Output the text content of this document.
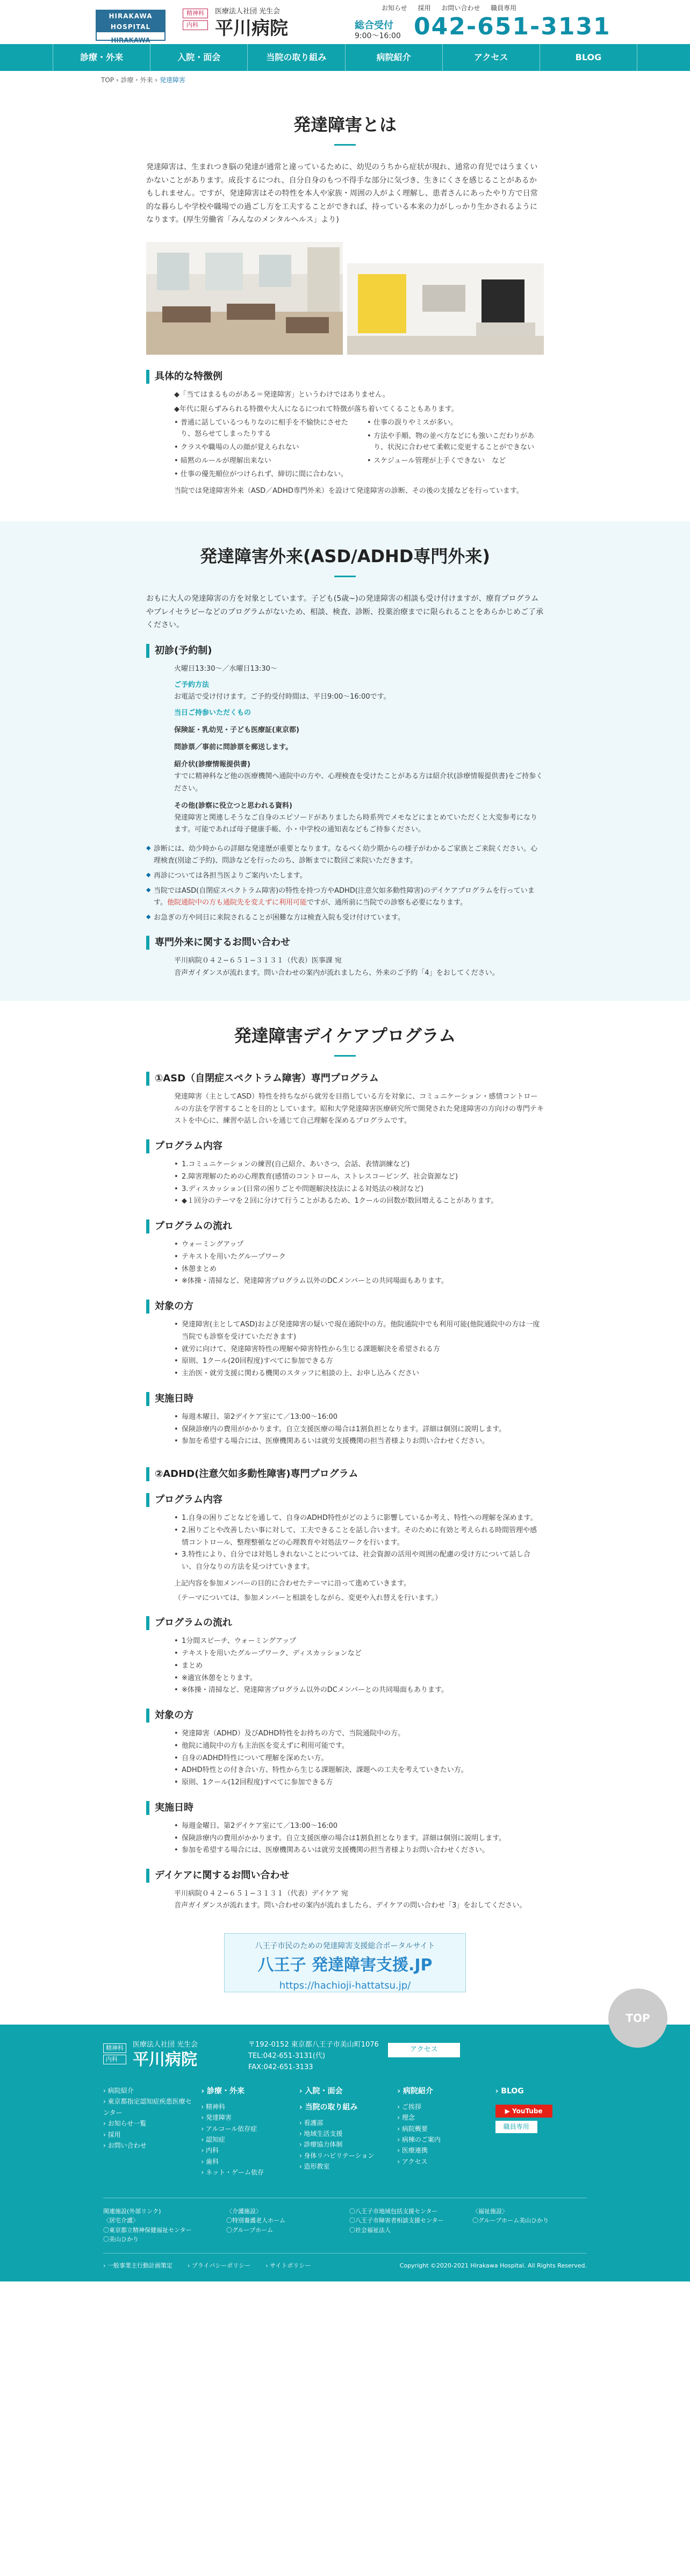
HIRAKAWA HOSPITAL
HIRAKAWA
精神科
内科
医療法人社団 光生会
平川病院
お知らせ 採用 お問い合わせ 職員専用
総合受付 042-651-3131
9:00〜16:00
診療・外来	入院・面会	当院の取り組み	病院紹介	アクセス	BLOG
TOP › 診療・外来 › 発達障害
発達障害とは

発達障害は、生まれつき脳の発達が通常と違っているために、幼児のうちから症状が現れ、通常の育児ではうまくいかないことがあります。成長するにつれ、自分自身のもつ不得手な部分に気づき、生きにくさを感じることがあるかもしれません。ですが、発達障害はその特性を本人や家族・周囲の人がよく理解し、患者さんにあったやり方で日常的な暮らしや学校や職場での過ごし方を工夫することができれば、持っている本来の力がしっかり生かされるようになります。(厚生労働省「みんなのメンタルヘルス」より)

具体的な特徴例

◆「当てはまるものがある＝発達障害」というわけではありません。

◆年代に限らずみられる特徴や大人になるにつれて特徴が落ち着いてくることもあります。

• 普通に話しているつもりなのに相手を不愉快にさせたり、怒らせてしまったりする
• クラスや職場の人の顔が覚えられない
• 暗黙のルールが理解出来ない
• 仕事の優先順位がつけられず、締切に間に合わない。
• 仕事の誤りやミスが多い。
• 方法や手順、物の並べ方などにも強いこだわりがあり、状況に合わせて柔軟に変更することができない
• スケジュール管理が上手くできない　など

当院では発達障害外来（ASD／ADHD専門外来）を設けて発達障害の診断、その後の支援などを行っています。

発達障害外来(ASD/ADHD専門外来)

おもに大人の発達障害の方を対象としています。子ども(5歳~)の発達障害の相談も受け付けますが、療育プログラムやプレイセラピーなどのプログラムがないため、相談、検査、診断、投薬治療までに限られることをあらかじめご了承ください。

初診(予約制)

火曜日13:30〜／水曜日13:30〜

ご予約方法

お電話で受け付けます。ご予約受付時間は、平日9:00〜16:00です。

当日ご持参いただくもの

保険証・乳幼児・子ども医療証(東京都)

問診票／事前に問診票を郵送します。

紹介状(診療情報提供書)

すでに精神科など他の医療機関へ通院中の方や、心理検査を受けたことがある方は紹介状(診療情報提供書)をご持参ください。

その他(診察に役立つと思われる資料)

発達障害と関連しそうなご自身のエピソードがありましたら時系列でメモなどにまとめていただくと大変参考になります。可能であれば母子健康手帳、小・中学校の通知表などもご持参ください。

◆ 診断には、幼少時からの詳細な発達歴が重要となります。なるべく幼少期からの様子がわかるご家族とご来院ください。心理検査(別途ご予約)、問診などを行ったのち、診断までに数回ご来院いただきます。

◆ 再診については各担当医よりご案内いたします。

◆ 当院ではASD(自閉症スペクトラム障害)の特性を持つ方やADHD(注意欠如多動性障害)のデイケアプログラムを行っています。他院通院中の方も通院先を変えずに利用可能ですが、通所前に当院での診察も必要になります。

◆ お急ぎの方や同日に来院されることが困難な方は検査入院も受け付けています。

専門外来に関するお問い合わせ

平川病院０４２−６５１−３１３１（代表）医事課 宛

音声ガイダンスが流れます。問い合わせの案内が流れましたら、外来のご予約「4」をおしてください。

発達障害デイケアプログラム
①ASD（自閉症スペクトラム障害）専門プログラム

発達障害（主としてASD）特性を持ちながら就労を目指している方を対象に、コミュニケーション・感情コントロールの方法を学習することを目的としています。昭和大学発達障害医療研究所で開発された発達障害の方向けの専門テキストを中心に、練習や話し合いを通じて自己理解を深めるプログラムです。

プログラム内容
• 1.コミュニケーションの練習(自己紹介、あいさつ、会話、表情訓練など)
• 2.障害理解のための心理教育(感情のコントロール、ストレスコーピング、社会資源など)
• 3.ディスカッション(日常の困りごとや問題解決技法による対処法の検討など)
• ◆１回分のテーマを２回に分けて行うことがあるため、1クールの回数が数回増えることがあります。
プログラムの流れ
• ウォーミングアップ
• テキストを用いたグループワーク
• 休憩まとめ
• ※体操・清掃など、発達障害プログラム以外のDCメンバーとの共同場面もあります。
対象の方
• 発達障害(主としてASD)および発達障害の疑いで現在通院中の方。他院通院中でも利用可能(他院通院中の方は一度当院でも診察を受けていただきます)
• 就労に向けて、発達障害特性の理解や障害特性から生じる課題解決を希望される方
• 原則、1クール(20回程度)すべてに参加できる方
• 主治医・就労支援に関わる機関のスタッフに相談の上、お申し込みください
実施日時
• 毎週木曜日、第2デイケア室にて／13:00〜16:00
• 保険診療内の費用がかかります。自立支援医療の場合は1割負担となります。詳細は個別に説明します。
• 参加を希望する場合には、医療機関あるいは就労支援機関の担当者様よりお問い合わせください。
②ADHD(注意欠如多動性障害)専門プログラム
プログラム内容
• 1.自身の困りごとなどを通して、自身のADHD特性がどのように影響しているか考え、特性への理解を深めます。
• 2.困りごとや改善したい事に対して、工夫できることを話し合います。そのために有効と考えられる時間管理や感情コントロール、整理整頓などの心理教育や対処法ワークを行います。
• 3.特性により、自分では対処しきれないことについては、社会資源の活用や周囲の配慮の受け方について話し合い、自分なりの方法を見つけていきます。

上記内容を参加メンバーの目的に合わせたテーマに沿って進めていきます。

（テーマについては、参加メンバーと相談をしながら、変更や入れ替えを行います。）

プログラムの流れ
• 1分間スピーチ、ウォーミングアップ
• テキストを用いたグループワーク、ディスカッションなど
• まとめ
• ※適宜休憩をとります。
• ※体操・清掃など、発達障害プログラム以外のDCメンバーとの共同場面もあります。
対象の方
• 発達障害（ADHD）及びADHD特性をお持ちの方で、当院通院中の方。
• 他院に通院中の方も主治医を変えずに利用可能です。
• 自身のADHD特性について理解を深めたい方。
• ADHD特性との付き合い方、特性から生じる課題解決、課題への工夫を考えていきたい方。
• 原則、1クール(12回程度)すべてに参加できる方
実施日時
• 毎週金曜日、第2デイケア室にて／13:00〜16:00
• 保険診療内の費用がかかります。自立支援医療の場合は1割負担となります。詳細は個別に説明します。
• 参加を希望する場合には、医療機関あるいは就労支援機関の担当者様よりお問い合わせください。
デイケアに関するお問い合わせ

平川病院０４２−６５１−３１３１（代表）デイケア 宛

音声ガイダンスが流れます。問い合わせの案内が流れましたら、デイケアの問い合わせ「3」をおしてください。

八王子市民のための発達障害支援総合ポータルサイト
八王子 発達障害支援.JP
https://hachioji-hattatsu.jp/
TOP
精神科
内科
医療法人社団 光生会
平川病院
〒192-0152 東京都八王子市美山町1076
TEL:042-651-3131(代)
FAX:042-651-3133
アクセス
› 病院紹介
› 東京都指定認知症疾患医療センター
› お知らせ一覧
› 採用
› お問い合わせ
› 診療・外来
› 精神科
› 発達障害
› アルコール依存症
› 認知症
› 内科
› 歯科
› ネット・ゲーム依存
› 入院・面会
› 当院の取り組み
› 看護部
› 地域生活支援
› 診療協力体制
› 身体リハビリテーション
› 造形教室
› 病院紹介
› ご挨拶
› 理念
› 病院概要
› 病棟のご案内
› 医療連携
› アクセス
› BLOG
▶ YouTube
職員専用

関連施設(外部リンク)

〈居宅介護〉

〇東京都立精神保健福祉センター

〇美山ひかり

〈介護施設〉

〇特別養護老人ホーム

〇グループホーム

〇八王子市地域包括支援センター

〇八王子市障害者相談支援センター

〇社会福祉法人

〈福祉施設〉

〇グループホーム美山ひかり

› 一般事業主行動計画策定	› プライバシーポリシー	› サイトポリシー	Copyright ©2020-2021 Hirakawa Hospital. All Rights Reserved.
